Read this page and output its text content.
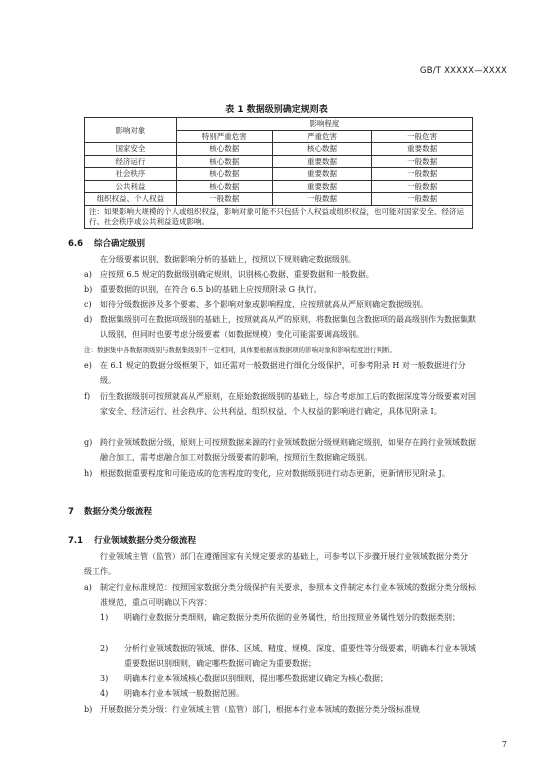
GB/T XXXXX—XXXX
表 1 数据级别确定规则表
影响对象	影响程度		
	特别严重危害	严重危害	一般危害
国家安全	核心数据	核心数据	重要数据
经济运行	核心数据	重要数据	一般数据
社会秩序	核心数据	重要数据	一般数据
公共利益	核心数据	重要数据	一般数据
组织权益、个人权益	一般数据	一般数据	一般数据
注：如果影响大规模的个人或组织权益，影响对象可能不只包括个人权益或组织权益，也可能对国家安全、经济运行、社会秩序或公共利益造成影响。			
6.6 综合确定级别
在分级要素识别、数据影响分析的基础上，按照以下规则确定数据级别。
a) 应按照 6.5 规定的数据级别确定规则，识别核心数据、重要数据和一般数据。
b) 重要数据的识别，在符合 6.5 b)的基础上应按照附录 G 执行。
c) 如待分级数据涉及多个要素、多个影响对象或影响程度，应按照就高从严原则确定数据级别。
d) 数据集级别可在数据项级别的基础上，按照就高从严的原则，将数据集包含数据项的最高级别作为数据集默认级别，但同时也要考虑分级要素（如数据规模）变化可能需要调高级别。
注：数据集中各数据项级别与数据集级别不一定相同，具体要根据该数据项的影响对象和影响程度进行判断。
e) 在 6.1 规定的数据分级框架下，如还需对一般数据进行细化分级保护，可参考附录 H 对一般数据进行分级。
f) 衍生数据级别可按照就高从严原则，在原始数据级别的基础上，综合考虑加工后的数据深度等分级要素对国家安全、经济运行、社会秩序、公共利益、组织权益、个人权益的影响进行确定，具体见附录 I。
g) 跨行业领域数据分级，原则上可按照数据来源的行业领域数据分级规则确定级别，如果存在跨行业领域数据融合加工，需考虑融合加工对数据分级要素的影响，按照衍生数据确定级别。
h) 根据数据重要程度和可能造成的危害程度的变化，应对数据级别进行动态更新，更新情形见附录 J。
7 数据分类分级流程
7.1 行业领域数据分类分级流程
行业领域主管（监管）部门在遵循国家有关规定要求的基础上，可参考以下步骤开展行业领域数据分类分级工作。
a) 制定行业标准规范：按照国家数据分类分级保护有关要求，参照本文件制定本行业本领域的数据分类分级标准规范，重点可明确以下内容：
1) 明确行业数据分类细则，确定数据分类所依据的业务属性，给出按照业务属性划分的数据类别；
2) 分析行业领域数据的领域、群体、区域、精度、规模、深度、重要性等分级要素，明确本行业本领域重要数据识别细则，确定哪些数据可确定为重要数据；
3) 明确本行业本领域核心数据识别细则，提出哪些数据建议确定为核心数据；
4) 明确本行业本领域一般数据范围。
b) 开展数据分类分级：行业领域主管（监管）部门，根据本行业本领域的数据分类分级标准规
7
